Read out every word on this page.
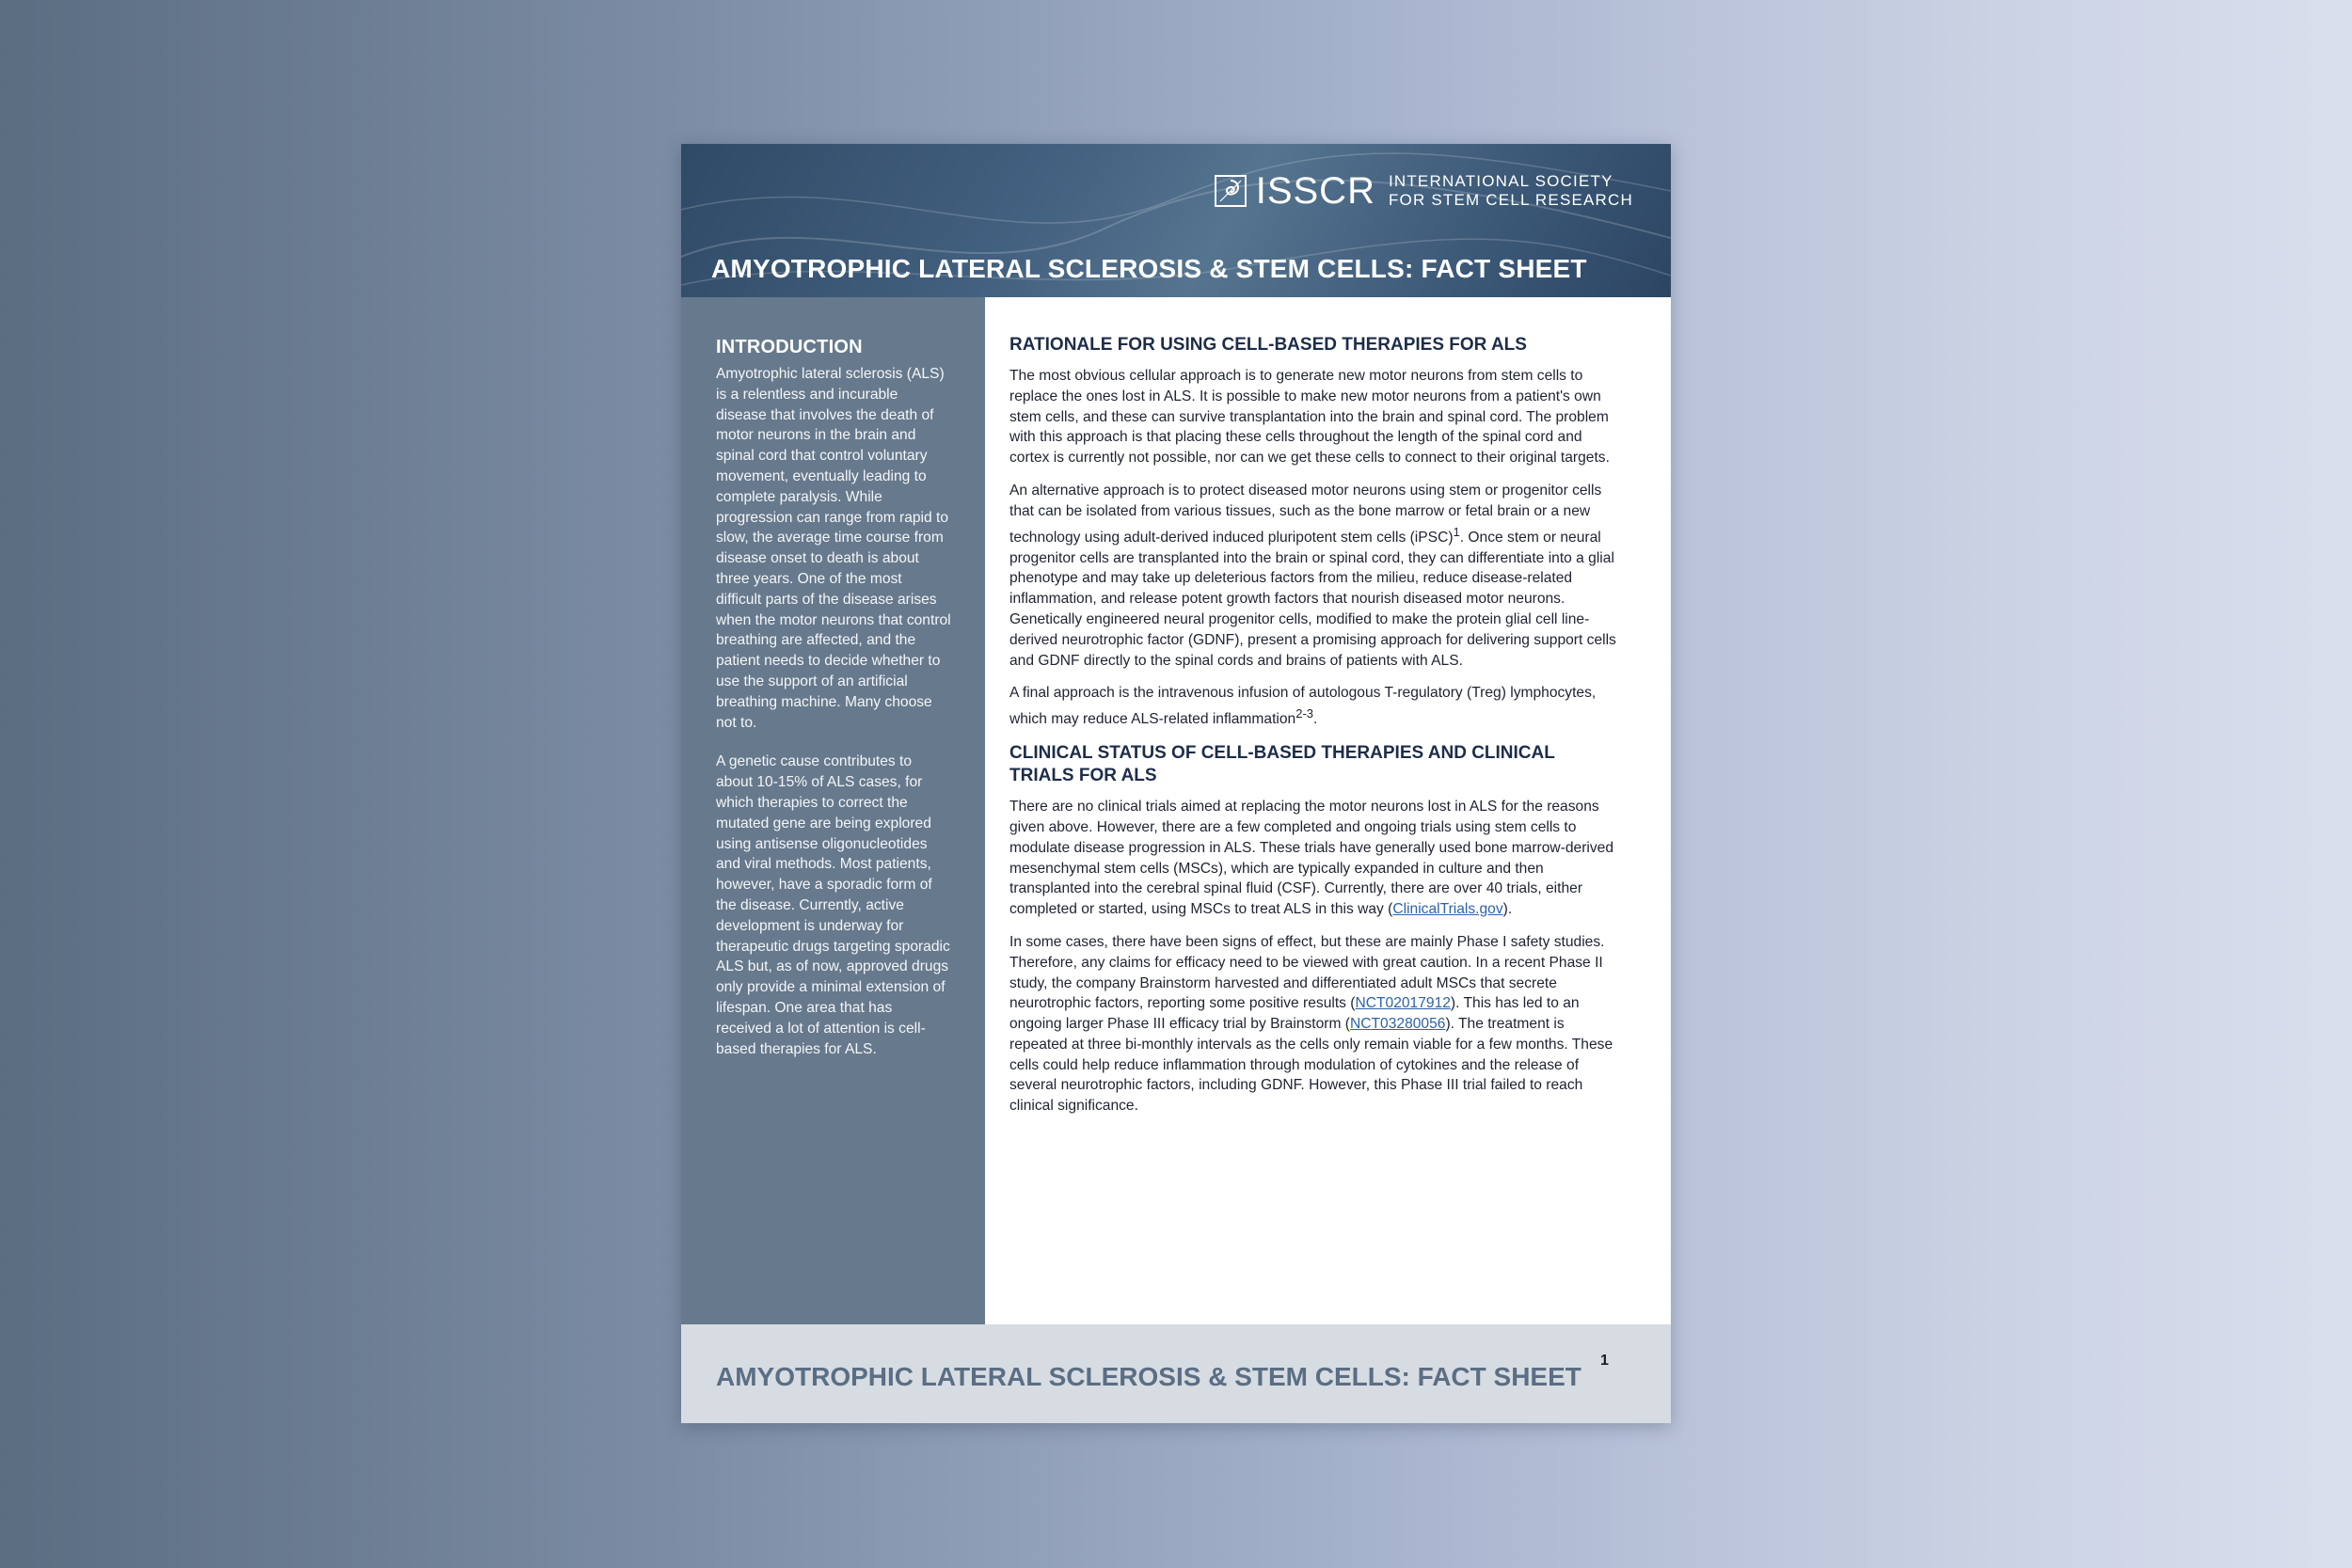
ISSCR INTERNATIONAL SOCIETY
FOR STEM CELL RESEARCH
AMYOTROPHIC LATERAL SCLEROSIS & STEM CELLS: FACT SHEET
INTRODUCTION

Amyotrophic lateral sclerosis (ALS) is a relentless and incurable disease that involves the death of motor neurons in the brain and spinal cord that control voluntary movement, eventually leading to complete paralysis. While progression can range from rapid to slow, the average time course from disease onset to death is about three years. One of the most difficult parts of the disease arises when the motor neurons that control breathing are affected, and the patient needs to decide whether to use the support of an artificial breathing machine. Many choose not to.

A genetic cause contributes to about 10-15% of ALS cases, for which therapies to correct the mutated gene are being explored using antisense oligonucleotides and viral methods. Most patients, however, have a sporadic form of the disease. Currently, active development is underway for therapeutic drugs targeting sporadic ALS but, as of now, approved drugs only provide a minimal extension of lifespan. One area that has received a lot of attention is cell-based therapies for ALS.

RATIONALE FOR USING CELL-BASED THERAPIES FOR ALS

The most obvious cellular approach is to generate new motor neurons from stem cells to replace the ones lost in ALS. It is possible to make new motor neurons from a patient's own stem cells, and these can survive transplantation into the brain and spinal cord. The problem with this approach is that placing these cells throughout the length of the spinal cord and cortex is currently not possible, nor can we get these cells to connect to their original targets.

An alternative approach is to protect diseased motor neurons using stem or progenitor cells that can be isolated from various tissues, such as the bone marrow or fetal brain or a new technology using adult-derived induced pluripotent stem cells (iPSC)$^1$. Once stem or neural progenitor cells are transplanted into the brain or spinal cord, they can differentiate into a glial phenotype and may take up deleterious factors from the milieu, reduce disease-related inflammation, and release potent growth factors that nourish diseased motor neurons. Genetically engineered neural progenitor cells, modified to make the protein glial cell line-derived neurotrophic factor (GDNF), present a promising approach for delivering support cells and GDNF directly to the spinal cords and brains of patients with ALS.

A final approach is the intravenous infusion of autologous T-regulatory (Treg) lymphocytes, which may reduce ALS-related inflammation$^{2-3}$.

CLINICAL STATUS OF CELL-BASED THERAPIES AND CLINICAL TRIALS FOR ALS

There are no clinical trials aimed at replacing the motor neurons lost in ALS for the reasons given above. However, there are a few completed and ongoing trials using stem cells to modulate disease progression in ALS. These trials have generally used bone marrow-derived mesenchymal stem cells (MSCs), which are typically expanded in culture and then transplanted into the cerebral spinal fluid (CSF). Currently, there are over 40 trials, either completed or started, using MSCs to treat ALS in this way (ClinicalTrials.gov).

In some cases, there have been signs of effect, but these are mainly Phase I safety studies. Therefore, any claims for efficacy need to be viewed with great caution. In a recent Phase II study, the company Brainstorm harvested and differentiated adult MSCs that secrete neurotrophic factors, reporting some positive results (NCT02017912). This has led to an ongoing larger Phase III efficacy trial by Brainstorm (NCT03280056). The treatment is repeated at three bi-monthly intervals as the cells only remain viable for a few months. These cells could help reduce inflammation through modulation of cytokines and the release of several neurotrophic factors, including GDNF. However, this Phase III trial failed to reach clinical significance.

AMYOTROPHIC LATERAL SCLEROSIS & STEM CELLS: FACT SHEET
1
